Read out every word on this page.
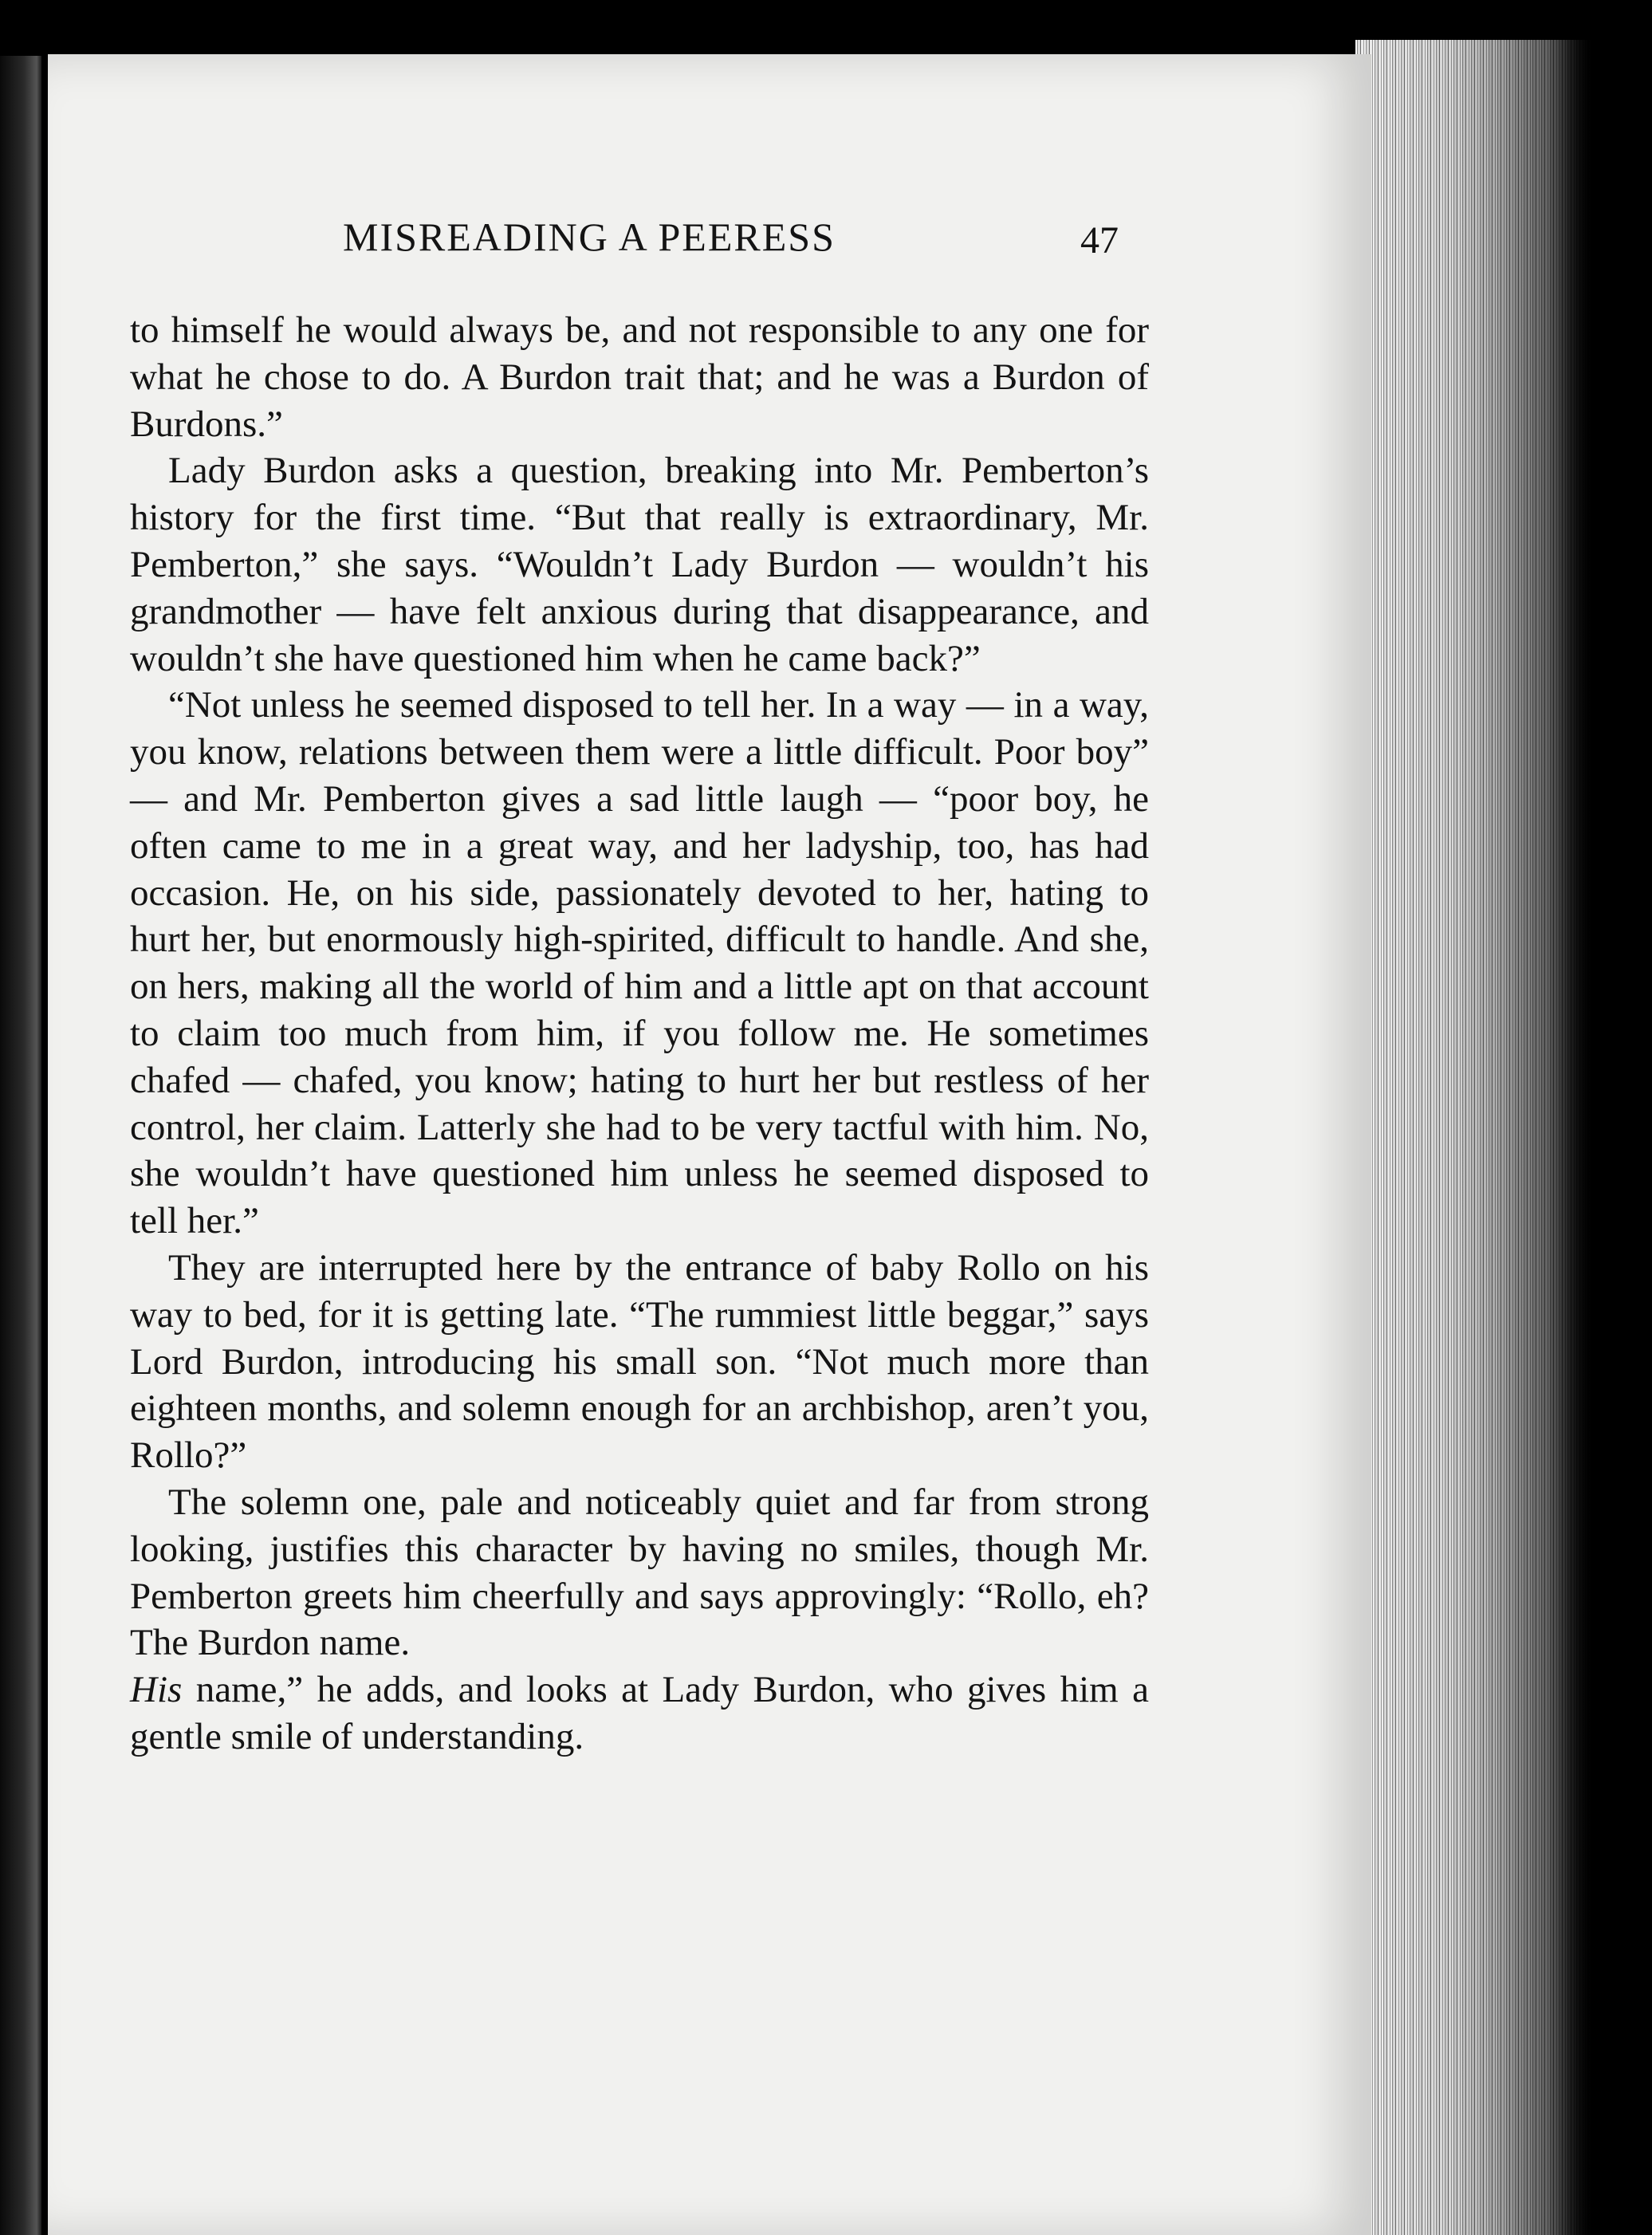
MISREADING A PEERESS	47

to himself he would always be, and not responsible to any one for what he chose to do. A Burdon trait that; and he was a Burdon of Burdons.”

Lady Burdon asks a question, breaking into Mr. Pemberton’s history for the first time. “But that really is extraordinary, Mr. Pemberton,” she says. “Wouldn’t Lady Burdon — wouldn’t his grandmother — have felt anxious during that disappearance, and wouldn’t she have questioned him when he came back?”

“Not unless he seemed disposed to tell her. In a way — in a way, you know, relations between them were a little difficult. Poor boy” — and Mr. Pemberton gives a sad little laugh — “poor boy, he often came to me in a great way, and her ladyship, too, has had occasion. He, on his side, passionately devoted to her, hating to hurt her, but enormously high-spirited, difficult to handle. And she, on hers, making all the world of him and a little apt on that account to claim too much from him, if you follow me. He sometimes chafed — chafed, you know; hating to hurt her but restless of her control, her claim. Latterly she had to be very tactful with him. No, she wouldn’t have questioned him unless he seemed disposed to tell her.”

They are interrupted here by the entrance of baby Rollo on his way to bed, for it is getting late. “The rummiest little beggar,” says Lord Burdon, introducing his small son. “Not much more than eighteen months, and solemn enough for an archbishop, aren’t you, Rollo?”

The solemn one, pale and noticeably quiet and far from strong looking, justifies this character by having no smiles, though Mr. Pemberton greets him cheerfully and says approvingly: “Rollo, eh? The Burdon name.

His name,” he adds, and looks at Lady Burdon, who gives him a gentle smile of understanding.
